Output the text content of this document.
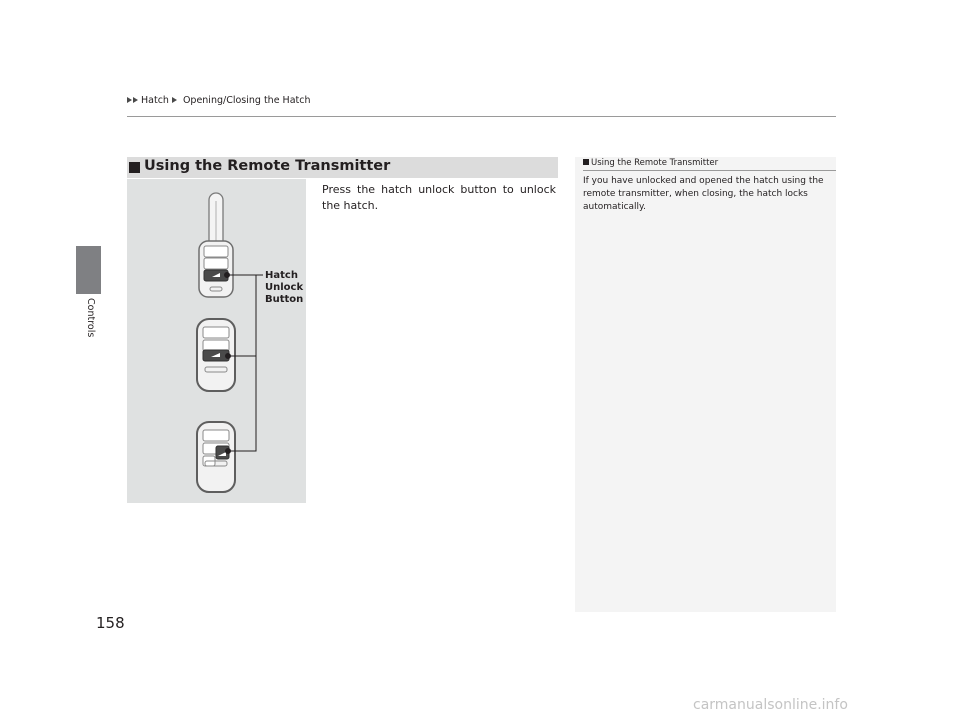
Hatch Opening/Closing the Hatch
Controls
158
Using the Remote Transmitter
Hatch
Unlock
Button
Press the hatch unlock button to unlock the hatch.
Using the Remote Transmitter
If you have unlocked and opened the hatch using the remote transmitter, when closing, the hatch locks automatically.
carmanualsonline.info
